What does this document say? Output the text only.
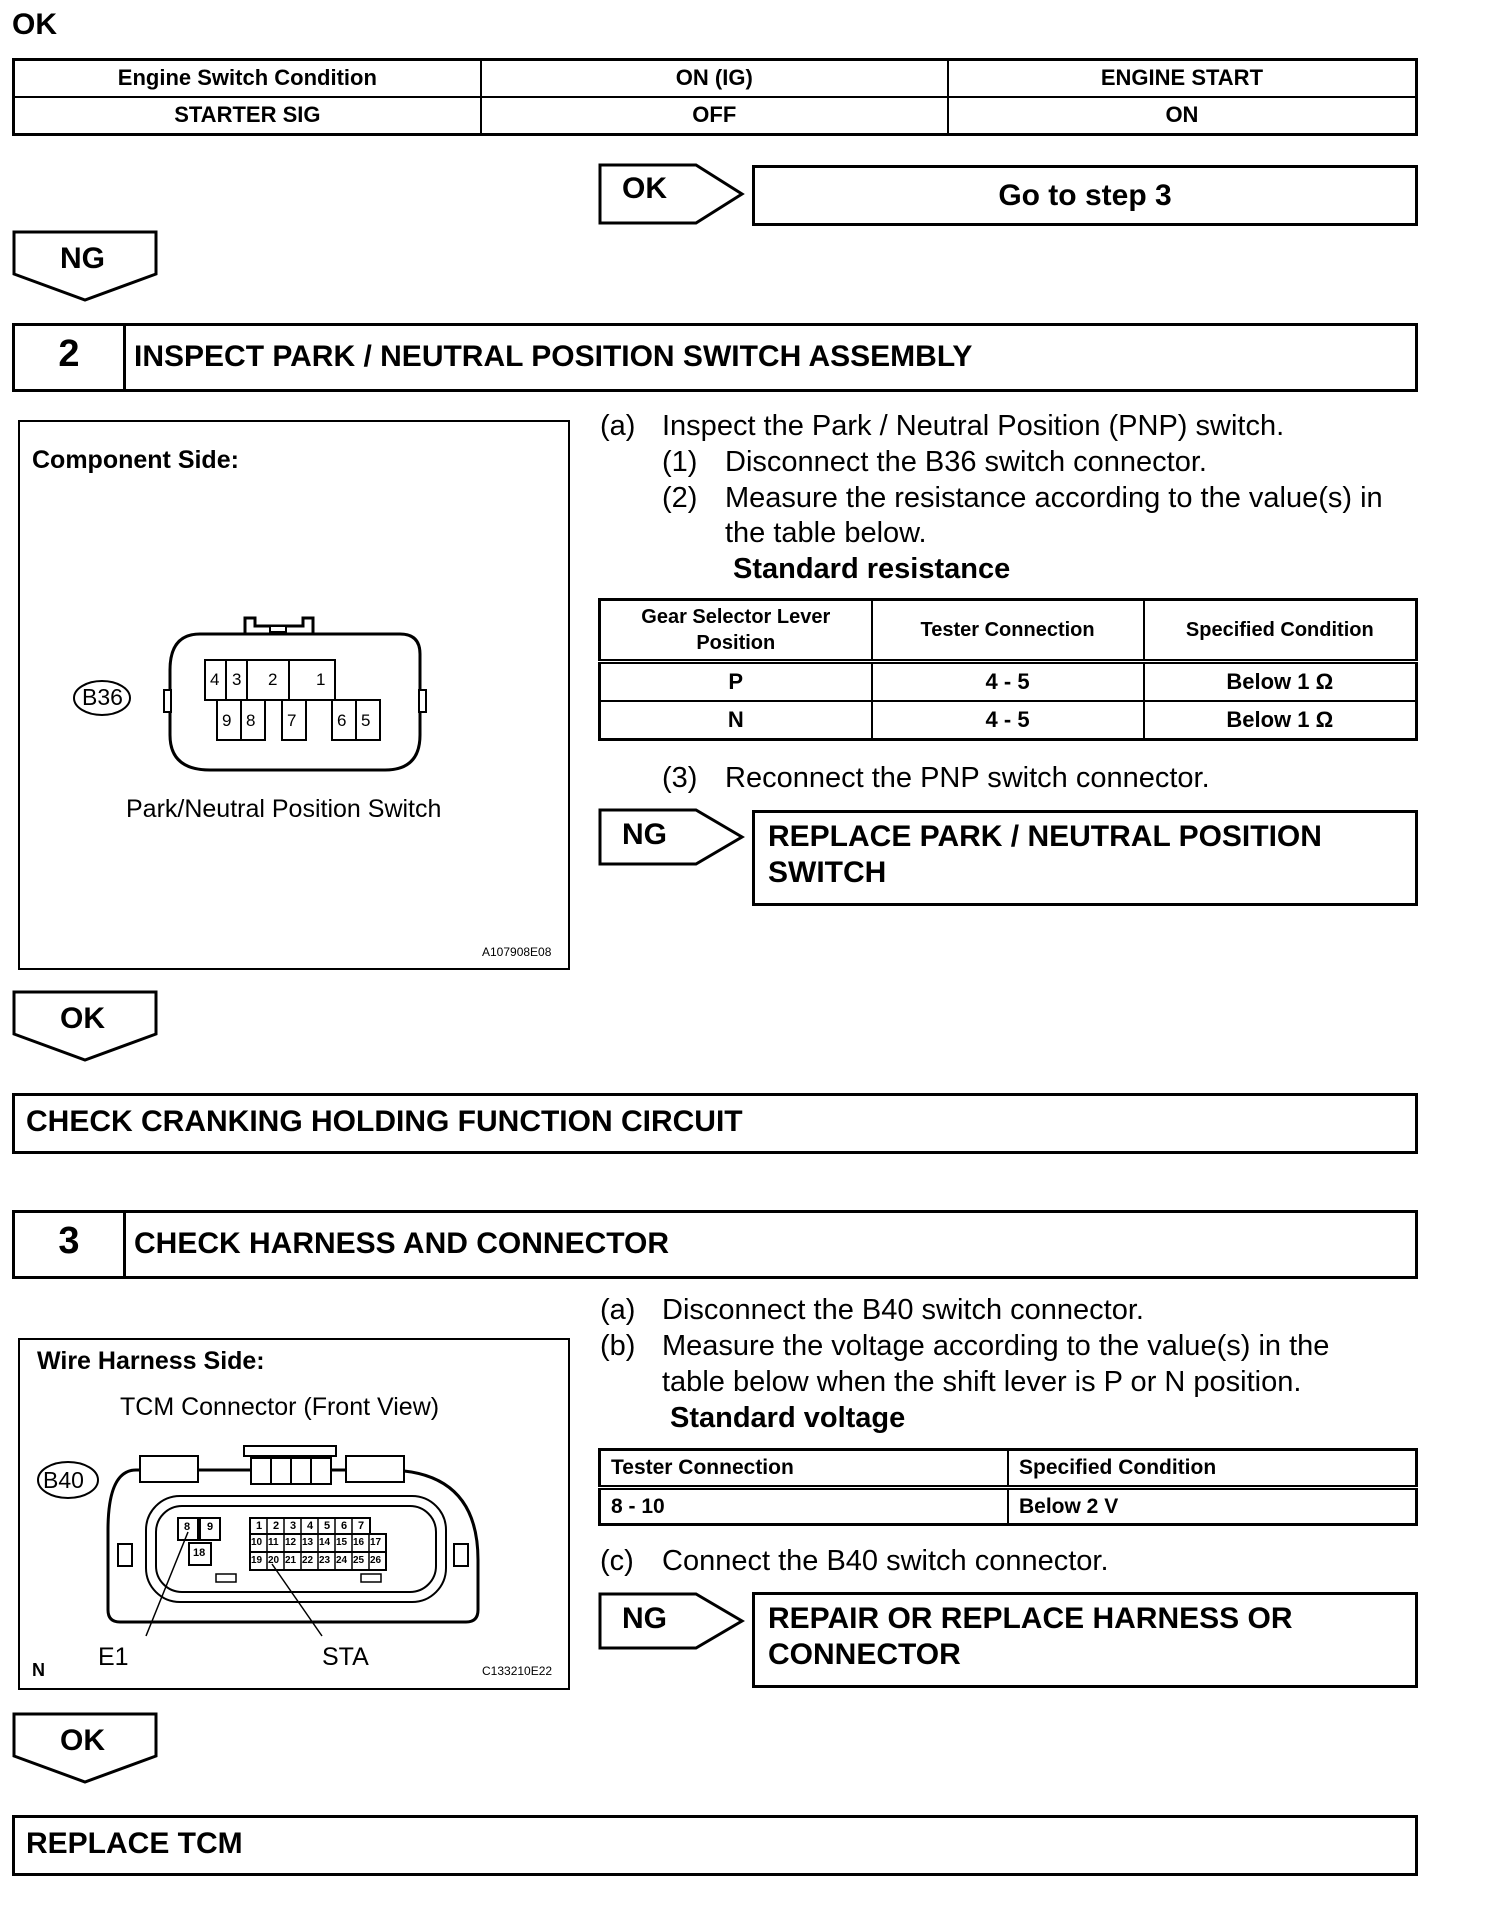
OK
Engine Switch Condition	ON (IG)	ENGINE START
STARTER SIG	OFF	ON
OK	Go to step 3
NG
2	INSPECT PARK / NEUTRAL POSITION SWITCH ASSEMBLY
Component Side:
B36
4 3 2 1
9 8 7 6 5
Park/Neutral Position Switch
A107908E08
(a) Inspect the Park / Neutral Position (PNP) switch.
(1) Disconnect the B36 switch connector.
(2) Measure the resistance according to the value(s) in
the table below.
Standard resistance
Gear Selector Lever Position	Tester Connection	Specified Condition
P	4 - 5	Below 1 Ω
N	4 - 5	Below 1 Ω
(3) Reconnect the PNP switch connector.
NG	REPLACE PARK / NEUTRAL POSITION
SWITCH
OK
CHECK CRANKING HOLDING FUNCTION CIRCUIT
3	CHECK HARNESS AND CONNECTOR
Wire Harness Side:
TCM Connector (Front View)
B40
8 9
18
1 2 3 4 5 6 7
10 11 12 13 14 15 16 17
19 20 21 22 23 24 25 26
E1	STA
N	C133210E22
(a) Disconnect the B40 switch connector.
(b) Measure the voltage according to the value(s) in the
table below when the shift lever is P or N position.
Standard voltage
Tester Connection	Specified Condition
8 - 10	Below 2 V
(c) Connect the B40 switch connector.
NG	REPAIR OR REPLACE HARNESS OR
CONNECTOR
OK
REPLACE TCM
